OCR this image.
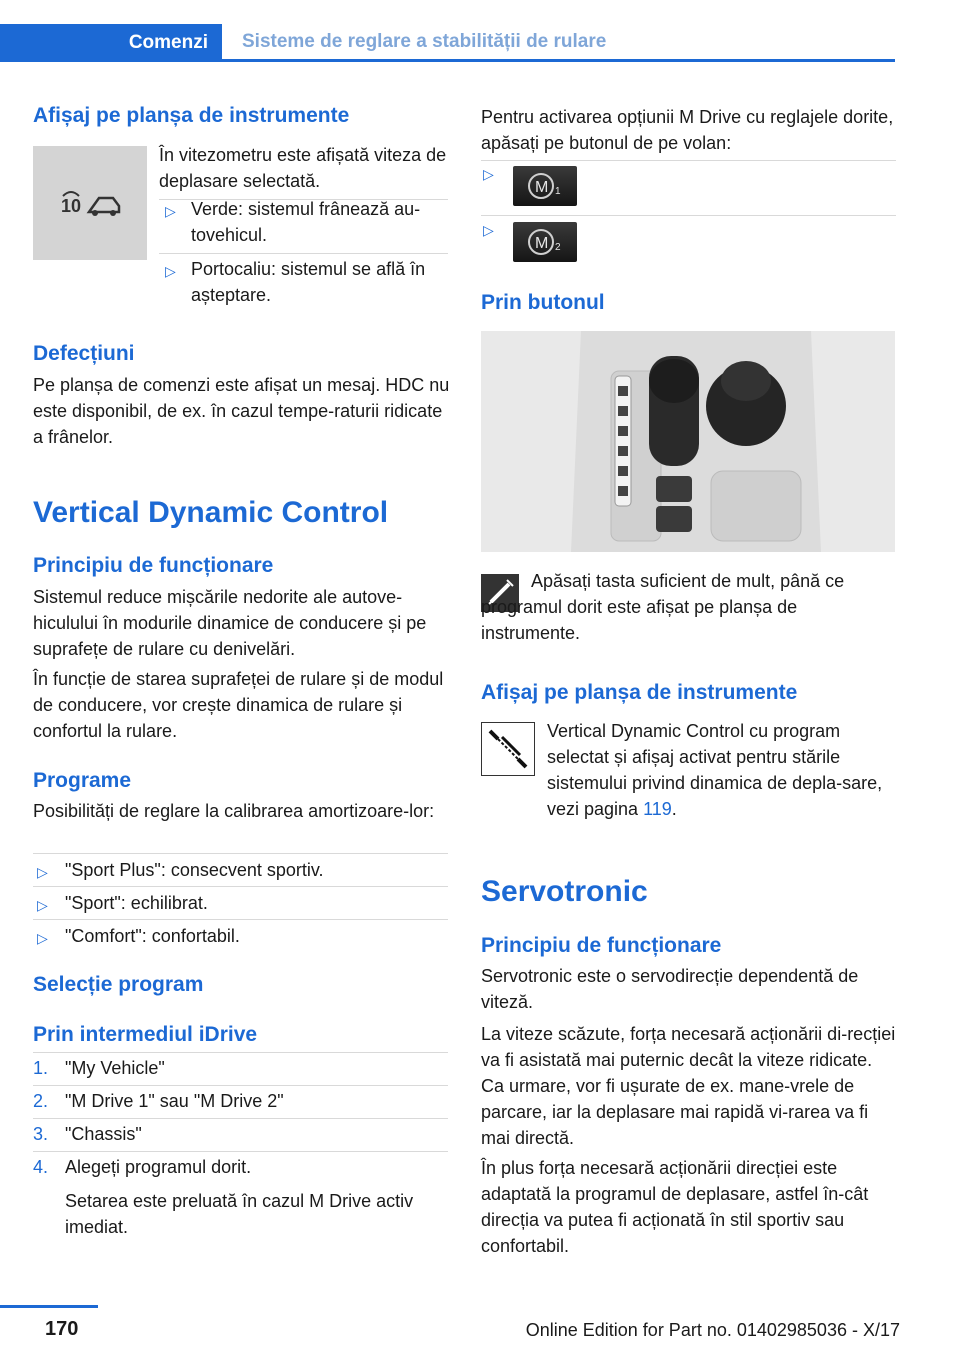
Comenzi	Sisteme de reglare a stabilității de rulare
Afișaj pe planșa de instrumente
10

În vitezometru este afișată viteza de deplasare selectată.

▷ Verde: sistemul frânează au-tovehicul.
▷ Portocaliu: sistemul se află în așteptare.
Defecțiuni

Pe planșa de comenzi este afișat un mesaj. HDC nu este disponibil, de ex. în cazul tempe-raturii ridicate a frânelor.

Vertical Dynamic Control
Principiu de funcționare

Sistemul reduce mișcările nedorite ale autove-hiculului în modurile dinamice de conducere și pe suprafețe de rulare cu denivelări.

În funcție de starea suprafeței de rulare și de modul de conducere, vor crește dinamica de rulare și confortul la rulare.

Programe

Posibilități de reglare la calibrarea amortizoare-lor:

▷ "Sport Plus": consecvent sportiv.
▷ "Sport": echilibrat.
▷ "Comfort": confortabil.
Selecție program
Prin intermediul iDrive
1. "My Vehicle"
2. "M Drive 1" sau "M Drive 2"
3. "Chassis"
4. Alegeți programul dorit.

Setarea este preluată în cazul M Drive activ imediat.

Pentru activarea opțiunii M Drive cu reglajele dorite, apăsați pe butonul de pe volan:

▷
M 1
▷
M 2
Prin butonul

Apăsați tasta suficient de mult, până ce programul dorit este afișat pe planșa de instrumente.

Afișaj pe planșa de instrumente

Vertical Dynamic Control cu program selectat și afișaj activat pentru stările sistemului privind dinamica de depla-sare, vezi pagina 119.

Servotronic
Principiu de funcționare

Servotronic este o servodirecție dependentă de viteză.

La viteze scăzute, forța necesară acționării di-recției va fi asistată mai puternic decât la viteze ridicate. Ca urmare, vor fi ușurate de ex. mane-vrele de parcare, iar la deplasare mai rapidă vi-rarea va fi mai directă.

În plus forța necesară acționării direcției este adaptată la programul de deplasare, astfel în-cât direcția va putea fi acționată în stil sportiv sau confortabil.

170	Online Edition for Part no. 01402985036 - X/17
